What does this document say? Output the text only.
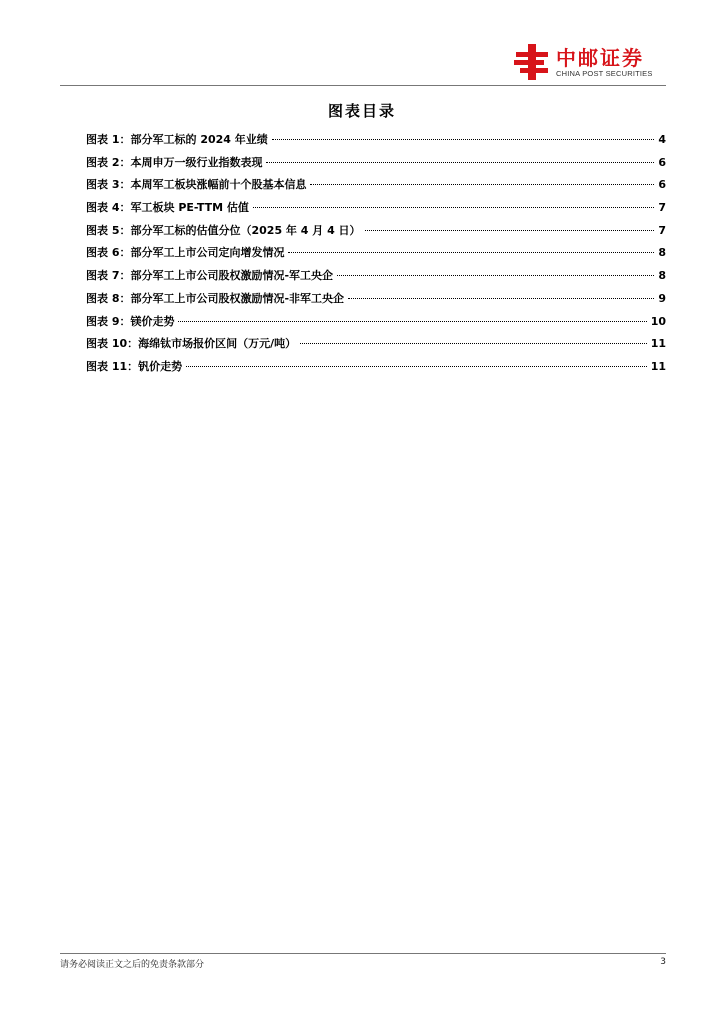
中邮证券
CHINA POST SECURITIES
图表目录
图表 1： 部分军工标的 2024 年业绩	4
图表 2： 本周申万一级行业指数表现	6
图表 3： 本周军工板块涨幅前十个股基本信息	6
图表 4： 军工板块 PE-TTM 估值	7
图表 5： 部分军工标的估值分位（2025 年 4 月 4 日）	7
图表 6： 部分军工上市公司定向增发情况	8
图表 7： 部分军工上市公司股权激励情况-军工央企	8
图表 8： 部分军工上市公司股权激励情况-非军工央企	9
图表 9： 镁价走势	10
图表 10： 海绵钛市场报价区间（万元/吨）	11
图表 11： 钒价走势	11
请务必阅读正文之后的免责条款部分	3
